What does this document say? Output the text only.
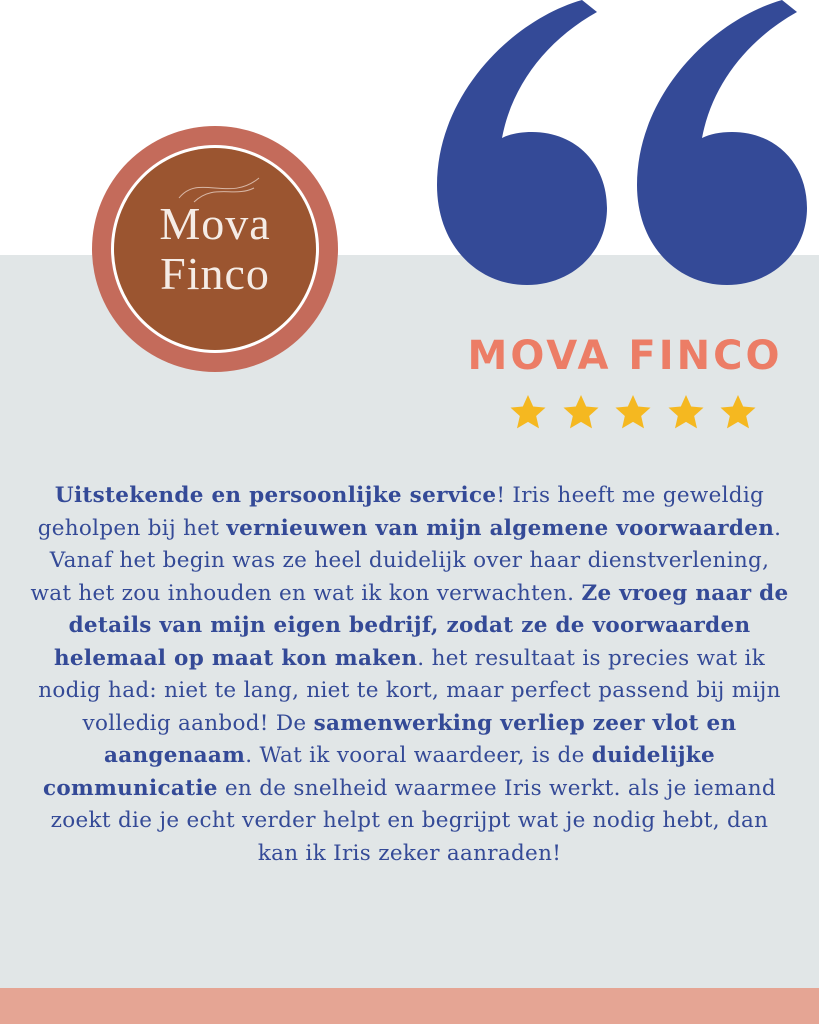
Mova
Finco
MOVA FINCO
Uitstekende en persoonlijke service! Iris heeft me geweldig geholpen bij het vernieuwen van mijn algemene voorwaarden. Vanaf het begin was ze heel duidelijk over haar dienstverlening, wat het zou inhouden en wat ik kon verwachten. Ze vroeg naar de details van mijn eigen bedrijf, zodat ze de voorwaarden helemaal op maat kon maken. het resultaat is precies wat ik nodig had: niet te lang, niet te kort, maar perfect passend bij mijn volledig aanbod! De samenwerking verliep zeer vlot en aangenaam. Wat ik vooral waardeer, is de duidelijke communicatie en de snelheid waarmee Iris werkt. als je iemand zoekt die je echt verder helpt en begrijpt wat je nodig hebt, dan kan ik Iris zeker aanraden!
